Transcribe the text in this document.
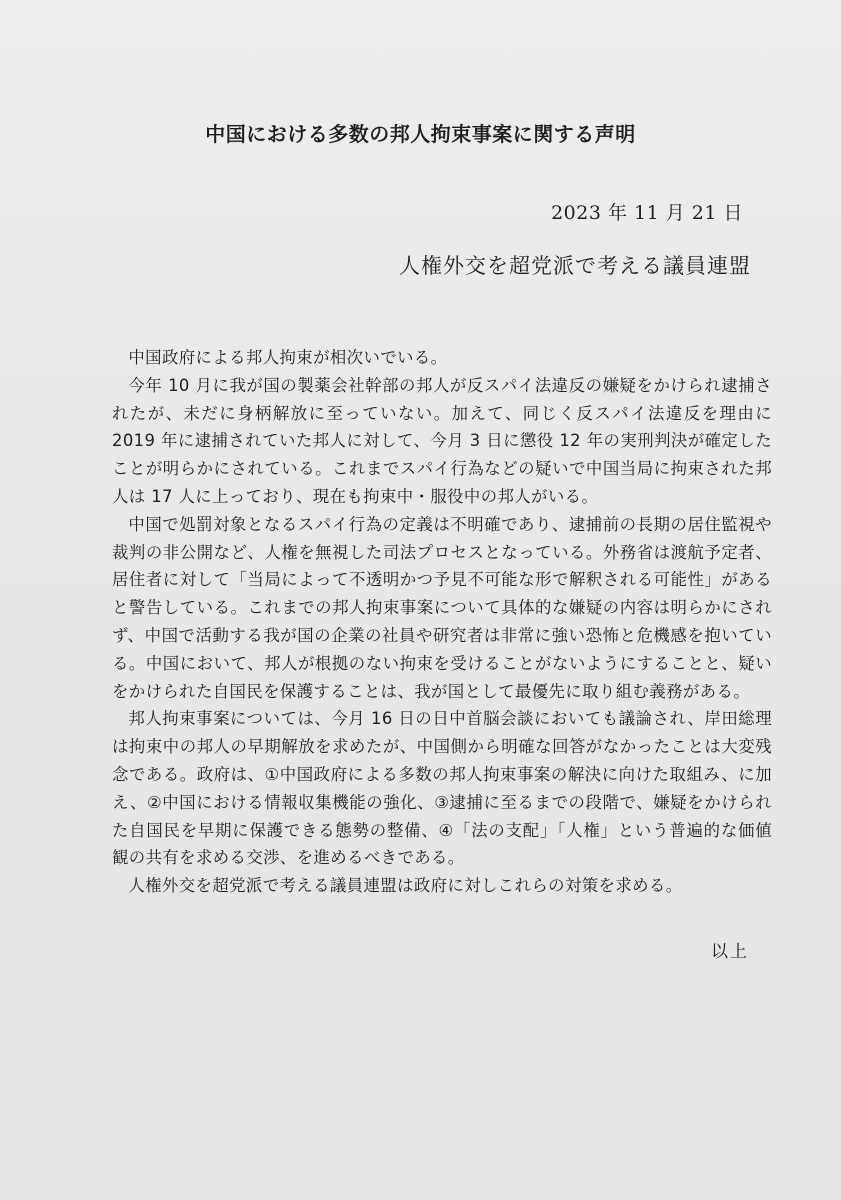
中国における多数の邦人拘束事案に関する声明
2023 年 11 月 21 日
人権外交を超党派で考える議員連盟

中国政府による邦人拘束が相次いでいる。

今年 10 月に我が国の製薬会社幹部の邦人が反スパイ法違反の嫌疑をかけられ逮捕されたが、未だに身柄解放に至っていない。加えて、同じく反スパイ法違反を理由に 2019 年に逮捕されていた邦人に対して、今月 3 日に懲役 12 年の実刑判決が確定したことが明らかにされている。これまでスパイ行為などの疑いで中国当局に拘束された邦人は 17 人に上っており、現在も拘束中・服役中の邦人がいる。

中国で処罰対象となるスパイ行為の定義は不明確であり、逮捕前の長期の居住監視や裁判の非公開など、人権を無視した司法プロセスとなっている。外務省は渡航予定者、居住者に対して「当局によって不透明かつ予見不可能な形で解釈される可能性」があると警告している。これまでの邦人拘束事案について具体的な嫌疑の内容は明らかにされず、中国で活動する我が国の企業の社員や研究者は非常に強い恐怖と危機感を抱いている。中国において、邦人が根拠のない拘束を受けることがないようにすることと、疑いをかけられた自国民を保護することは、我が国として最優先に取り組む義務がある。

邦人拘束事案については、今月 16 日の日中首脳会談においても議論され、岸田総理は拘束中の邦人の早期解放を求めたが、中国側から明確な回答がなかったことは大変残念である。政府は、①中国政府による多数の邦人拘束事案の解決に向けた取組み、に加え、②中国における情報収集機能の強化、③逮捕に至るまでの段階で、嫌疑をかけられた自国民を早期に保護できる態勢の整備、④「法の支配」「人権」という普遍的な価値観の共有を求める交渉、を進めるべきである。

人権外交を超党派で考える議員連盟は政府に対しこれらの対策を求める。

以上
